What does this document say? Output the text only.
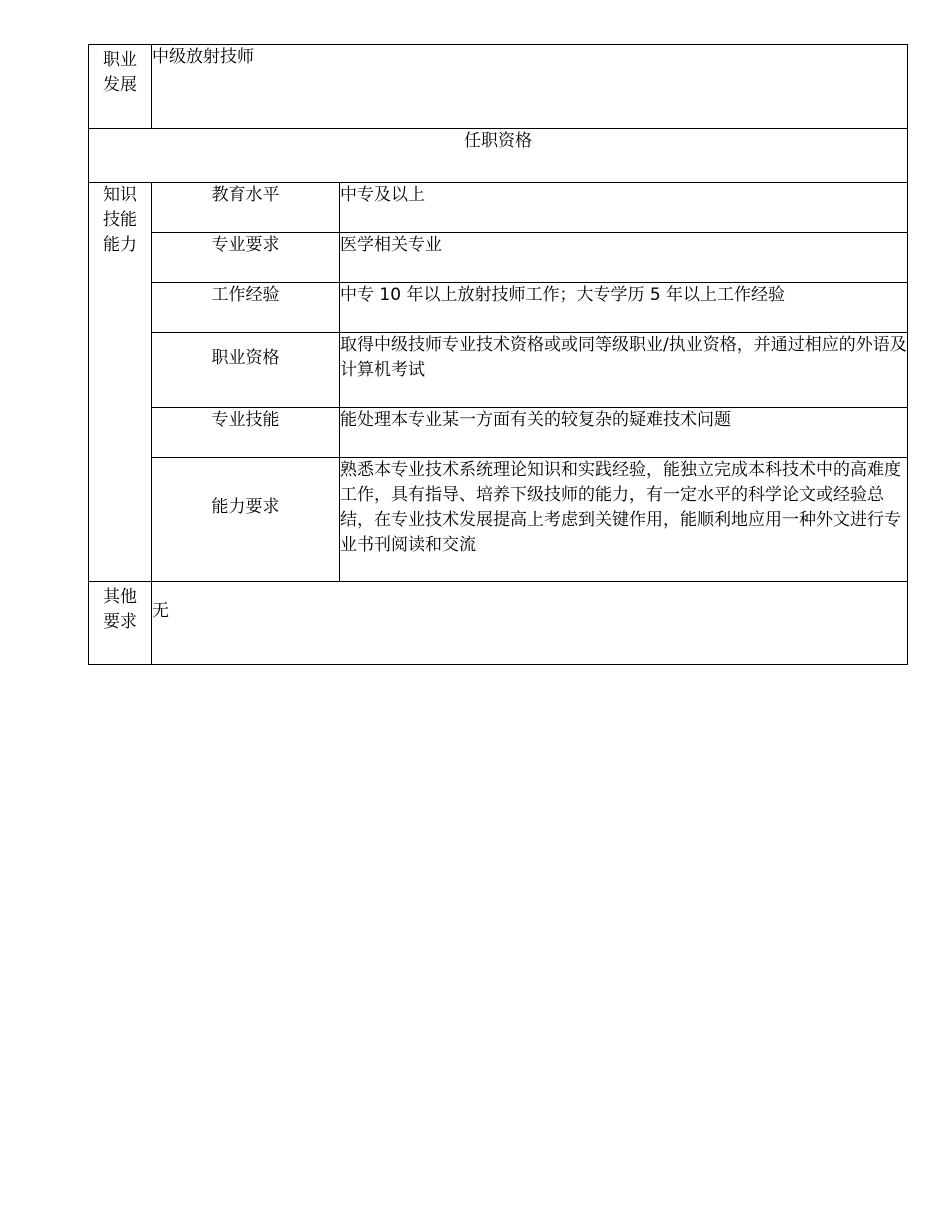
职业发展	中级放射技师	
任职资格		
知识技能能力	教育水平	中专及以上
	专业要求	医学相关专业
	工作经验	中专 10 年以上放射技师工作；大专学历 5 年以上工作经验
	职业资格	取得中级技师专业技术资格或或同等级职业/执业资格，并通过相应的外语及计算机考试
	专业技能	能处理本专业某一方面有关的较复杂的疑难技术问题
	能力要求	熟悉本专业技术系统理论知识和实践经验，能独立完成本科技术中的高难度工作，具有指导、培养下级技师的能力，有一定水平的科学论文或经验总结，在专业技术发展提高上考虑到关键作用，能顺利地应用一种外文进行专业书刊阅读和交流
其他要求	无	
